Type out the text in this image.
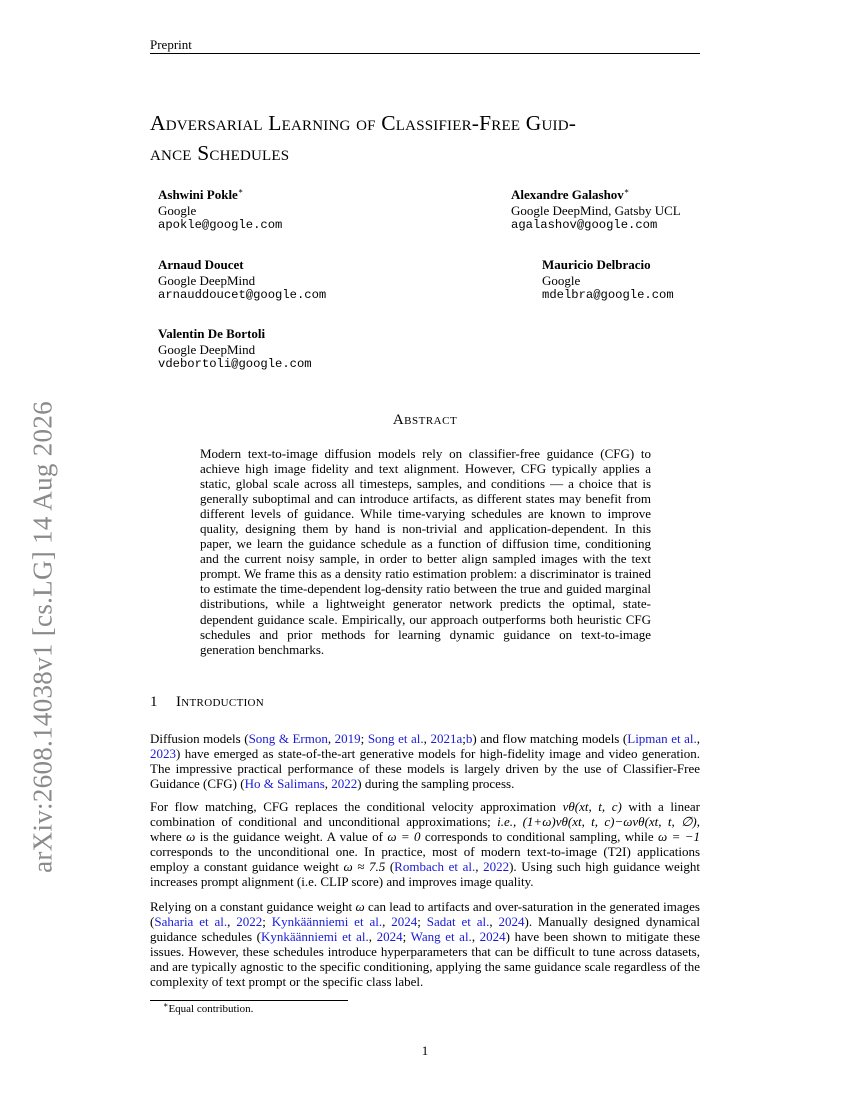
Preprint
Adversarial Learning of Classifier-Free Guid-
ance Schedules
Ashwini Pokle∗
Google
apokle@google.com
Alexandre Galashov∗
Google DeepMind, Gatsby UCL
agalashov@google.com
Arnaud Doucet
Google DeepMind
arnauddoucet@google.com
Mauricio Delbracio
Google
mdelbra@google.com
Valentin De Bortoli
Google DeepMind
vdebortoli@google.com
arXiv:2608.14038v1 [cs.LG] 14 Aug 2026	Abstract
Modern text-to-image diffusion models rely on classifier-free guidance (CFG) to achieve high image fidelity and text alignment. However, CFG typically applies a static, global scale across all timesteps, samples, and conditions — a choice that is generally suboptimal and can introduce artifacts, as different states may benefit from different levels of guidance. While time-varying schedules are known to improve quality, designing them by hand is non-trivial and application-dependent. In this paper, we learn the guidance schedule as a function of diffusion time, conditioning and the current noisy sample, in order to better align sampled images with the text prompt. We frame this as a density ratio estimation problem: a discriminator is trained to estimate the time-dependent log-density ratio between the true and guided marginal distributions, while a lightweight generator network predicts the optimal, state-dependent guidance scale. Empirically, our approach outperforms both heuristic CFG schedules and prior methods for learning dynamic guidance on text-to-image generation benchmarks.
1 Introduction
Diffusion models (Song & Ermon, 2019; Song et al., 2021a;b) and flow matching models (Lipman et al., 2023) have emerged as state-of-the-art generative models for high-fidelity image and video generation. The impressive practical performance of these models is largely driven by the use of Classifier-Free Guidance (CFG) (Ho & Salimans, 2022) during the sampling process.
For flow matching, CFG replaces the conditional velocity approximation vθ(xt, t, c) with a linear combination of conditional and unconditional approximations; i.e., (1+ω)vθ(xt, t, c)−ωvθ(xt, t, ∅), where ω is the guidance weight. A value of ω = 0 corresponds to conditional sampling, while ω = −1 corresponds to the unconditional one. In practice, most of modern text-to-image (T2I) applications employ a constant guidance weight ω ≈ 7.5 (Rombach et al., 2022). Using such high guidance weight increases prompt alignment (i.e. CLIP score) and improves image quality.
Relying on a constant guidance weight ω can lead to artifacts and over-saturation in the generated images (Saharia et al., 2022; Kynkäänniemi et al., 2024; Sadat et al., 2024). Manually designed dynamical guidance schedules (Kynkäänniemi et al., 2024; Wang et al., 2024) have been shown to mitigate these issues. However, these schedules introduce hyperparameters that can be difficult to tune across datasets, and are typically agnostic to the specific conditioning, applying the same guidance scale regardless of the complexity of text prompt or the specific class label.
∗Equal contribution.
1
